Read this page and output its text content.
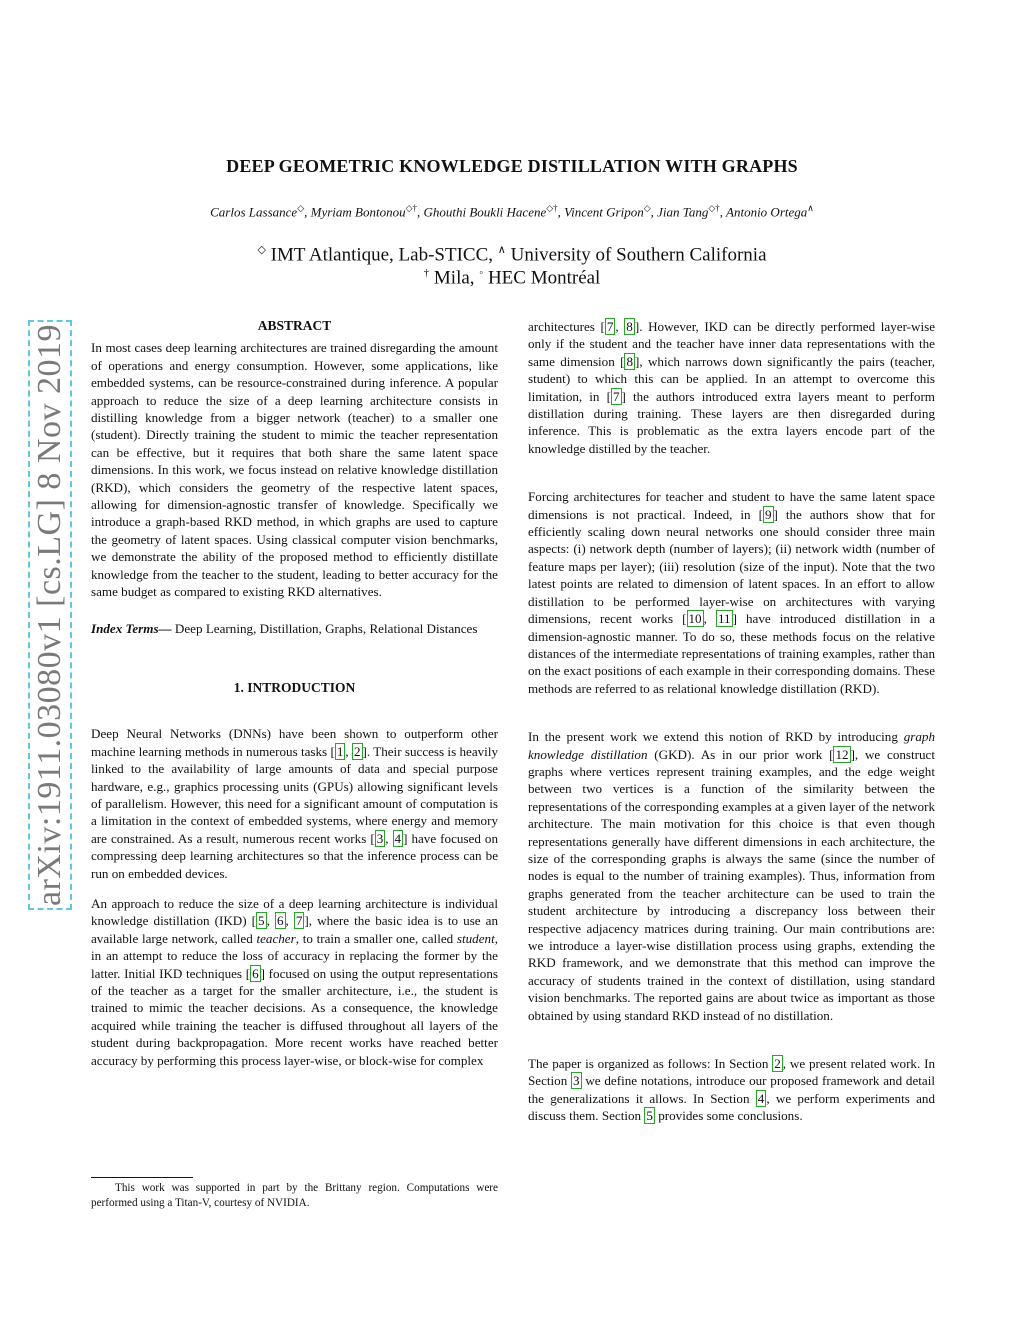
arXiv:1911.03080v1 [cs.LG] 8 Nov 2019
DEEP GEOMETRIC KNOWLEDGE DISTILLATION WITH GRAPHS
Carlos Lassance◇, Myriam Bontonou◇†, Ghouthi Boukli Hacene◇†, Vincent Gripon◇, Jian Tang◇†, Antonio Ortega∧
◇ IMT Atlantique, Lab-STICC, ∧ University of Southern California
† Mila, ◦ HEC Montréal
ABSTRACT

In most cases deep learning architectures are trained disregarding the amount of operations and energy consumption. However, some applications, like embedded systems, can be resource-constrained during inference. A popular approach to reduce the size of a deep learning architecture consists in distilling knowledge from a bigger network (teacher) to a smaller one (student). Directly training the student to mimic the teacher representation can be effective, but it requires that both share the same latent space dimensions. In this work, we focus instead on relative knowledge distillation (RKD), which considers the geometry of the respective latent spaces, allowing for dimension-agnostic transfer of knowledge. Specifically we introduce a graph-based RKD method, in which graphs are used to capture the geometry of latent spaces. Using classical computer vision benchmarks, we demonstrate the ability of the proposed method to efficiently distillate knowledge from the teacher to the student, leading to better accuracy for the same budget as compared to existing RKD alternatives.

Index Terms— Deep Learning, Distillation, Graphs, Relational Distances

1. INTRODUCTION

Deep Neural Networks (DNNs) have been shown to outperform other machine learning methods in numerous tasks [ 1 , 2 ]. Their success is heavily linked to the availability of large amounts of data and special purpose hardware, e.g., graphics processing units (GPUs) allowing significant levels of parallelism. However, this need for a significant amount of computation is a limitation in the context of embedded systems, where energy and memory are constrained. As a result, numerous recent works [ 3 , 4 ] have focused on compressing deep learning architectures so that the inference process can be run on embedded devices.

An approach to reduce the size of a deep learning architecture is individual knowledge distillation (IKD) [ 5 , 6 , 7 ], where the basic idea is to use an available large network, called teacher, to train a smaller one, called student, in an attempt to reduce the loss of accuracy in replacing the former by the latter. Initial IKD techniques [ 6 ] focused on using the output representations of the teacher as a target for the smaller architecture, i.e., the student is trained to mimic the teacher decisions. As a consequence, the knowledge acquired while training the teacher is diffused throughout all layers of the student during backpropagation. More recent works have reached better accuracy by performing this process layer-wise, or block-wise for complex

This work was supported in part by the Brittany region. Computations were performed using a Titan-V, courtesy of NVIDIA.

architectures [ 7 , 8 ]. However, IKD can be directly performed layer-wise only if the student and the teacher have inner data representations with the same dimension [ 8 ], which narrows down significantly the pairs (teacher, student) to which this can be applied. In an attempt to overcome this limitation, in [ 7 ] the authors introduced extra layers meant to perform distillation during training. These layers are then disregarded during inference. This is problematic as the extra layers encode part of the knowledge distilled by the teacher.

Forcing architectures for teacher and student to have the same latent space dimensions is not practical. Indeed, in [ 9 ] the authors show that for efficiently scaling down neural networks one should consider three main aspects: (i) network depth (number of layers); (ii) network width (number of feature maps per layer); (iii) resolution (size of the input). Note that the two latest points are related to dimension of latent spaces. In an effort to allow distillation to be performed layer-wise on architectures with varying dimensions, recent works [ 10 , 11 ] have introduced distillation in a dimension-agnostic manner. To do so, these methods focus on the relative distances of the intermediate representations of training examples, rather than on the exact positions of each example in their corresponding domains. These methods are referred to as relational knowledge distillation (RKD).

In the present work we extend this notion of RKD by introducing graph knowledge distillation (GKD). As in our prior work [ 12 ], we construct graphs where vertices represent training examples, and the edge weight between two vertices is a function of the similarity between the representations of the corresponding examples at a given layer of the network architecture. The main motivation for this choice is that even though representations generally have different dimensions in each architecture, the size of the corresponding graphs is always the same (since the number of nodes is equal to the number of training examples). Thus, information from graphs generated from the teacher architecture can be used to train the student architecture by introducing a discrepancy loss between their respective adjacency matrices during training. Our main contributions are: we introduce a layer-wise distillation process using graphs, extending the RKD framework, and we demonstrate that this method can improve the accuracy of students trained in the context of distillation, using standard vision benchmarks. The reported gains are about twice as important as those obtained by using standard RKD instead of no distillation.

The paper is organized as follows: In Section 2 , we present related work. In Section 3 we define notations, introduce our proposed framework and detail the generalizations it allows. In Section 4 , we perform experiments and discuss them. Section 5 provides some conclusions.
